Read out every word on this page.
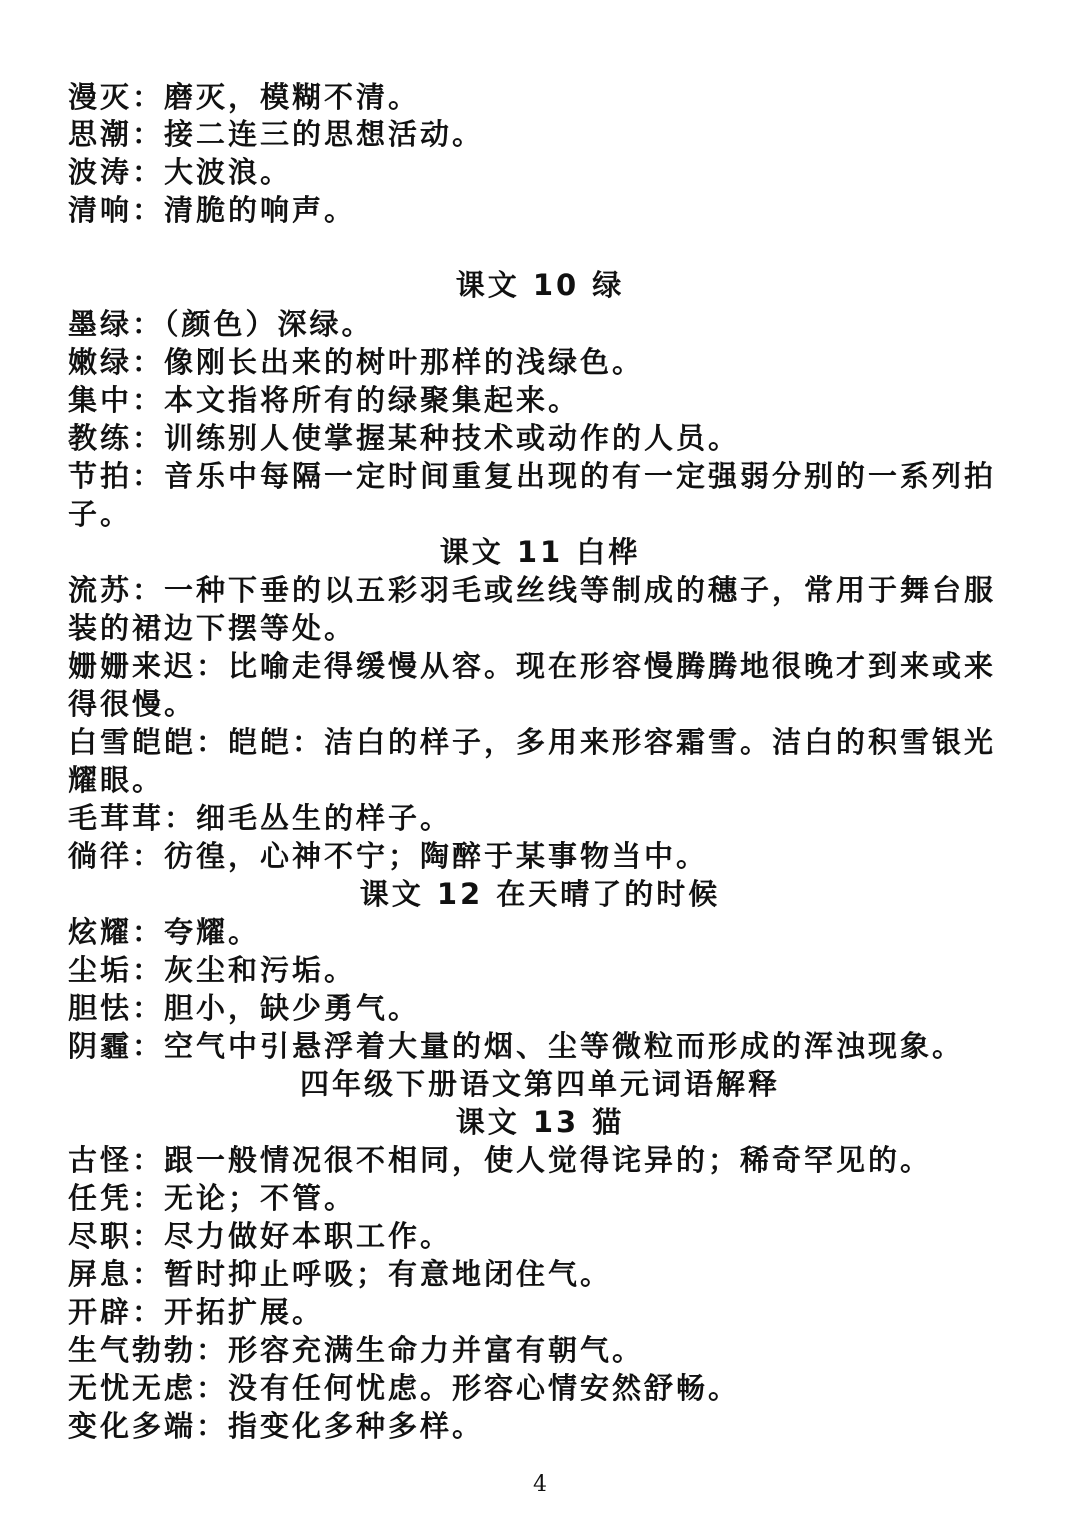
漫灭：磨灭，模糊不清。
思潮：接二连三的思想活动。
波涛：大波浪。
清响：清脆的响声。
课文 10 绿
墨绿：（颜色）深绿。
嫩绿：像刚长出来的树叶那样的浅绿色。
集中：本文指将所有的绿聚集起来。
教练：训练别人使掌握某种技术或动作的人员。
节拍：音乐中每隔一定时间重复出现的有一定强弱分别的一系列拍
子。
课文 11 白桦
流苏：一种下垂的以五彩羽毛或丝线等制成的穗子，常用于舞台服
装的裙边下摆等处。
姗姗来迟：比喻走得缓慢从容。现在形容慢腾腾地很晚才到来或来
得很慢。
白雪皑皑：皑皑：洁白的样子，多用来形容霜雪。洁白的积雪银光
耀眼。
毛茸茸：细毛丛生的样子。
徜徉：彷徨，心神不宁；陶醉于某事物当中。
课文 12 在天晴了的时候
炫耀：夸耀。
尘垢：灰尘和污垢。
胆怯：胆小，缺少勇气。
阴霾：空气中引悬浮着大量的烟、尘等微粒而形成的浑浊现象。
四年级下册语文第四单元词语解释
课文 13 猫
古怪：跟一般情况很不相同，使人觉得诧异的；稀奇罕见的。
任凭：无论；不管。
尽职：尽力做好本职工作。
屏息：暂时抑止呼吸；有意地闭住气。
开辟：开拓扩展。
生气勃勃：形容充满生命力并富有朝气。
无忧无虑：没有任何忧虑。形容心情安然舒畅。
变化多端：指变化多种多样。
4
